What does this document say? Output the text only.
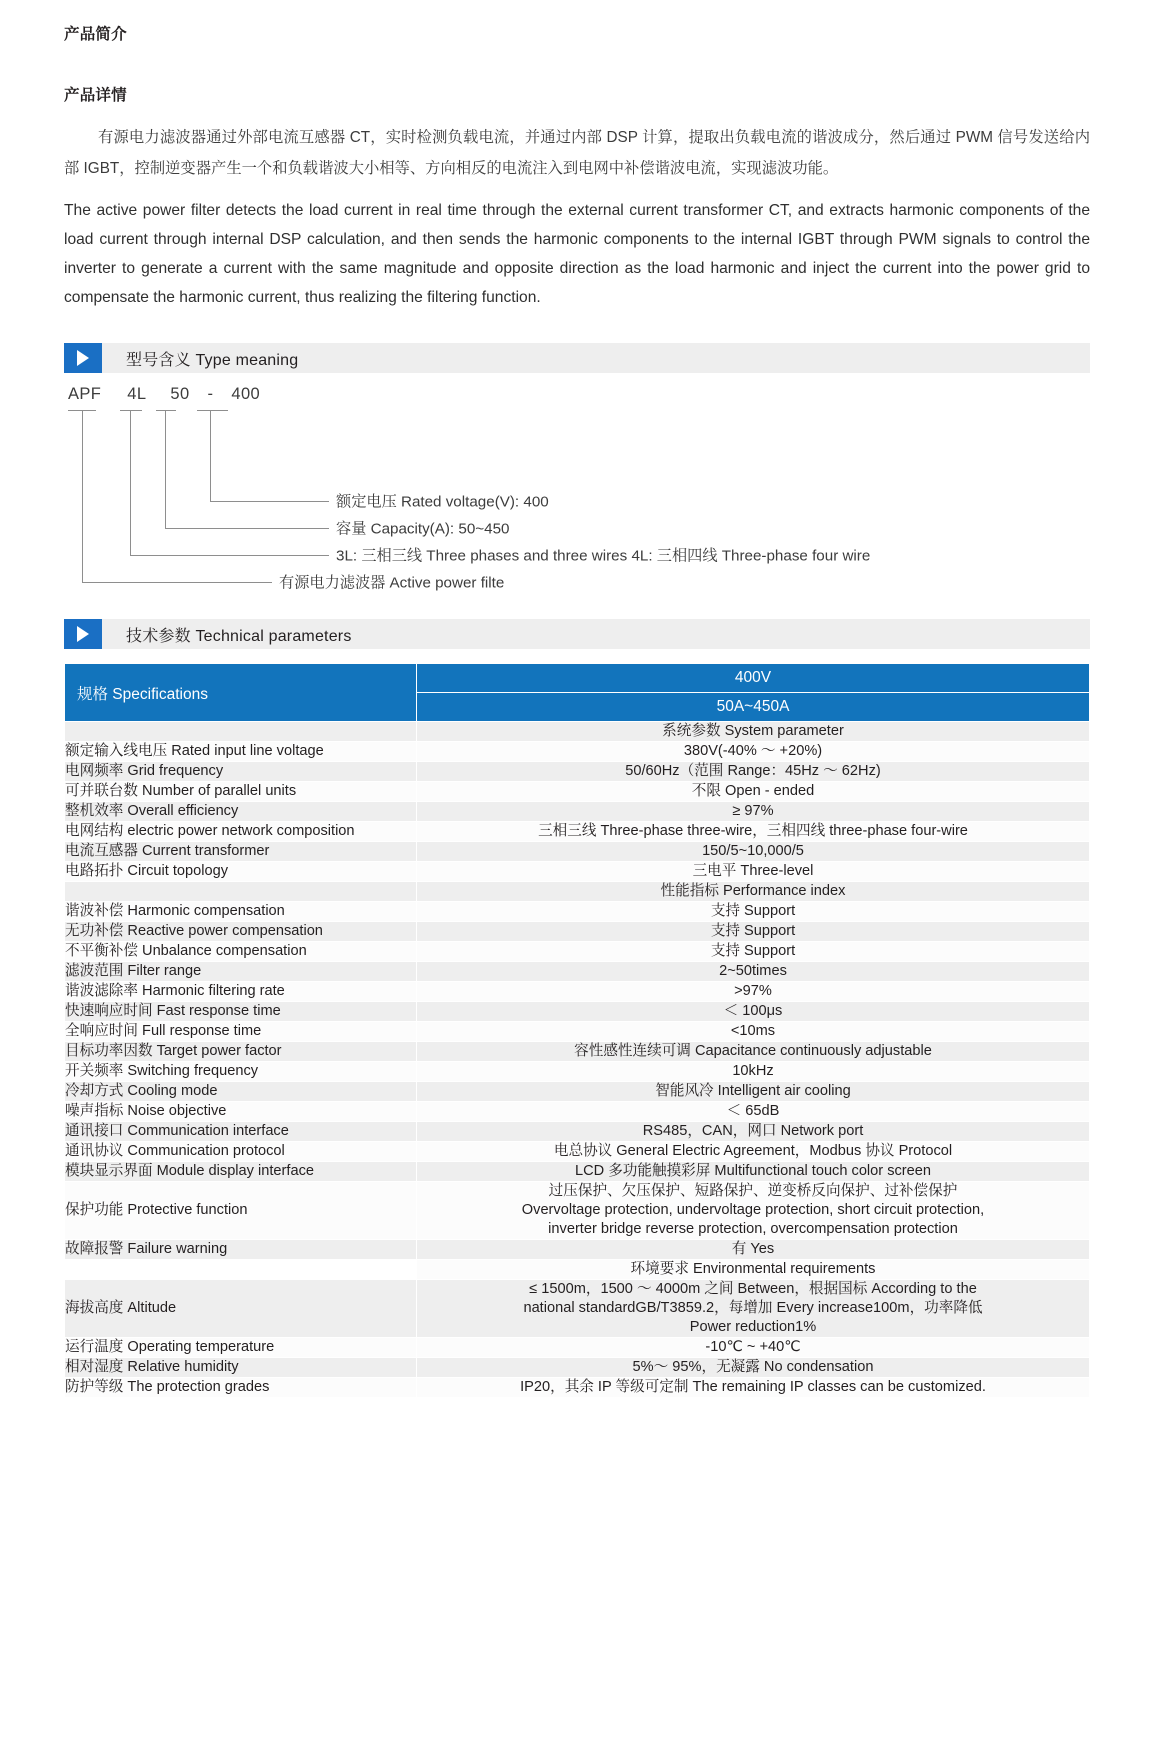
产品简介
产品详情

有源电力滤波器通过外部电流互感器 CT，实时检测负载电流，并通过内部 DSP 计算，提取出负载电流的谐波成分，然后通过 PWM 信号发送给内部 IGBT，控制逆变器产生一个和负载谐波大小相等、方向相反的电流注入到电网中补偿谐波电流，实现滤波功能。

The active power filter detects the load current in real time through the external current transformer CT, and extracts harmonic components of the load current through internal DSP calculation, and then sends the harmonic components to the internal IGBT through PWM signals to control the inverter to generate a current with the same magnitude and opposite direction as the load harmonic and inject the current into the power grid to compensate the harmonic current, thus realizing the filtering function.

型号含义 Type meaning
APF 4L 50 - 400
额定电压 Rated voltage(V): 400
容量 Capacity(A): 50~450
3L: 三相三线 Three phases and three wires 4L: 三相四线 Three-phase four wire
有源电力滤波器 Active power filte
技术参数 Technical parameters
规格 Specifications	400V
	50A~450A
	系统参数 System parameter
额定输入线电压 Rated input line voltage	380V(-40% ～ +20%)
电网频率 Grid frequency	50/60Hz（范围 Range：45Hz ～ 62Hz)
可并联台数 Number of parallel units	不限 Open - ended
整机效率 Overall efficiency	≥ 97%
电网结构 electric power network composition	三相三线 Three-phase three-wire，三相四线 three-phase four-wire
电流互感器 Current transformer	150/5~10,000/5
电路拓扑 Circuit topology	三电平 Three-level
	性能指标 Performance index
谐波补偿 Harmonic compensation	支持 Support
无功补偿 Reactive power compensation	支持 Support
不平衡补偿 Unbalance compensation	支持 Support
滤波范围 Filter range	2~50times
谐波滤除率 Harmonic filtering rate	>97%
快速响应时间 Fast response time	＜ 100μs
全响应时间 Full response time	<10ms
目标功率因数 Target power factor	容性感性连续可调 Capacitance continuously adjustable
开关频率 Switching frequency	10kHz
冷却方式 Cooling mode	智能风冷 Intelligent air cooling
噪声指标 Noise objective	＜ 65dB
通讯接口 Communication interface	RS485，CAN，网口 Network port
通讯协议 Communication protocol	电总协议 General Electric Agreement，Modbus 协议 Protocol
模块显示界面 Module display interface	LCD 多功能触摸彩屏 Multifunctional touch color screen
保护功能 Protective function	过压保护、欠压保护、短路保护、逆变桥反向保护、过补偿保护
Overvoltage protection, undervoltage protection, short circuit protection,
inverter bridge reverse protection, overcompensation protection

故障报警 Failure warning	有 Yes
	环境要求 Environmental requirements
海拔高度 Altitude	≤ 1500m，1500 ～ 4000m 之间 Between，根据国标 According to the
national standardGB/T3859.2，每增加 Every increase100m，功率降低
Power reduction1%

运行温度 Operating temperature	-10℃ ~ +40℃
相对湿度 Relative humidity	5%～ 95%，无凝露 No condensation
防护等级 The protection grades	IP20，其余 IP 等级可定制 The remaining IP classes can be customized.
